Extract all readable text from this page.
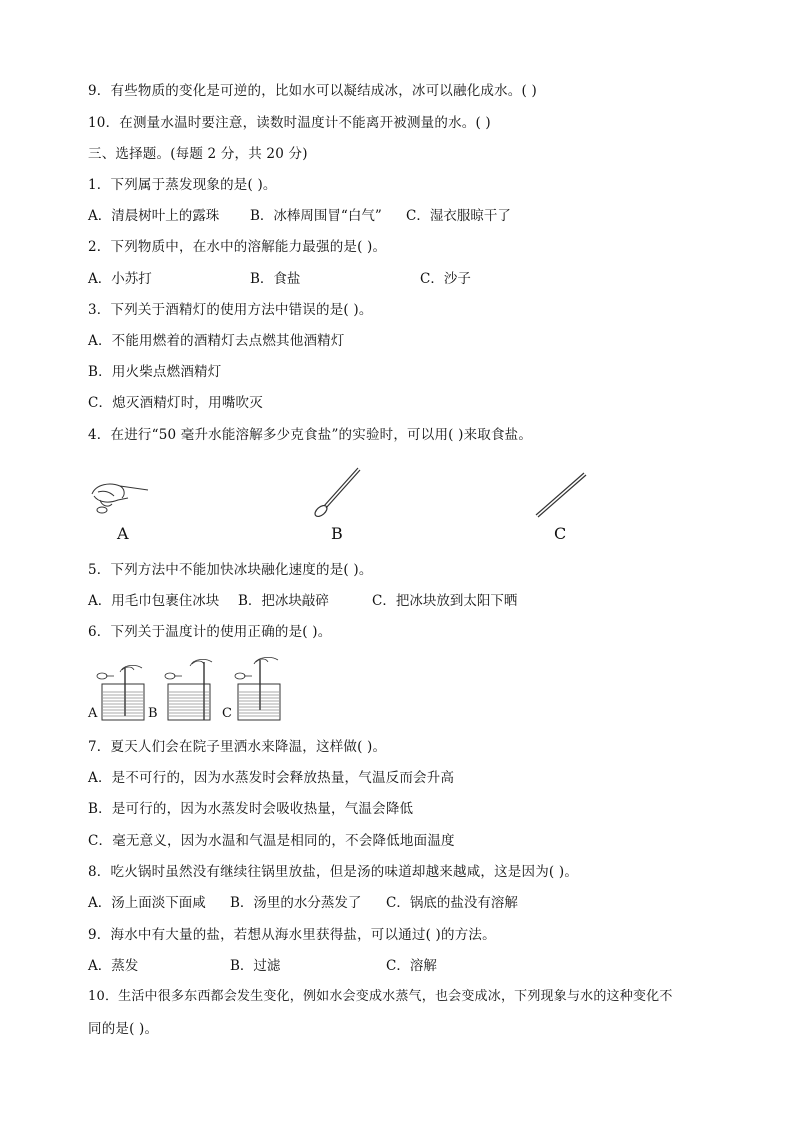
9．有些物质的变化是可逆的，比如水可以凝结成冰，冰可以融化成水。( )
10．在测量水温时要注意，读数时温度计不能离开被测量的水。( )
三、选择题。(每题 2 分，共 20 分)
1．下列属于蒸发现象的是( )。
A．清晨树叶上的露珠 B．冰棒周围冒“白气” C．湿衣服晾干了
2．下列物质中，在水中的溶解能力最强的是( )。
A．小苏打	B．食盐	C．沙子
3．下列关于酒精灯的使用方法中错误的是( )。
A．不能用燃着的酒精灯去点燃其他酒精灯
B．用火柴点燃酒精灯
C．熄灭酒精灯时，用嘴吹灭
4．在进行“50 毫升水能溶解多少克食盐”的实验时，可以用( )来取食盐。
A	B	C
5．下列方法中不能加快冰块融化速度的是( )。
A．用毛巾包裹住冰块 B．把冰块敲碎	C．把冰块放到太阳下晒
6．下列关于温度计的使用正确的是( )。
A	B	C
7．夏天人们会在院子里洒水来降温，这样做( )。
A．是不可行的，因为水蒸发时会释放热量，气温反而会升高
B．是可行的，因为水蒸发时会吸收热量，气温会降低
C．毫无意义，因为水温和气温是相同的，不会降低地面温度
8．吃火锅时虽然没有继续往锅里放盐，但是汤的味道却越来越咸，这是因为( )。
A．汤上面淡下面咸 B．汤里的水分蒸发了 C．锅底的盐没有溶解
9．海水中有大量的盐，若想从海水里获得盐，可以通过( )的方法。
A．蒸发	B．过滤	C．溶解
10．生活中很多东西都会发生变化，例如水会变成水蒸气，也会变成冰，下列现象与水的这种变化不
同的是( )。
